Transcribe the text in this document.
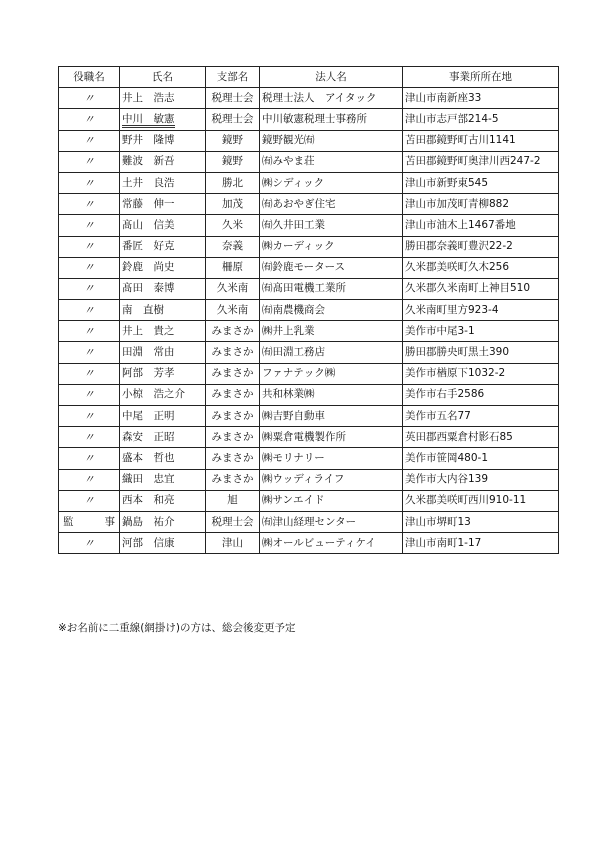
役職名	氏名	支部名	法人名	事業所所在地
〃	井上　浩志	税理士会	税理士法人　アイタック	津山市南新座33
〃	中川　敏憲	税理士会	中川敏憲税理士事務所	津山市志戸部214-5
〃	野井　隆博	鏡野	鏡野観光㈲	苫田郡鏡野町古川1141
〃	難波　新吾	鏡野	㈲みやま荘	苫田郡鏡野町奥津川西247-2
〃	土井　良浩	勝北	㈱シディック	津山市新野東545
〃	常藤　伸一	加茂	㈲あおやぎ住宅	津山市加茂町青柳882
〃	髙山　信美	久米	㈲久井田工業	津山市油木上1467番地
〃	番匠　好克	奈義	㈱カーディック	勝田郡奈義町豊沢22-2
〃	鈴鹿　尚史	柵原	㈲鈴鹿モータース	久米郡美咲町久木256
〃	髙田　泰博	久米南	㈲髙田電機工業所	久米郡久米南町上神目510
〃	南　直樹	久米南	㈲南農機商会	久米南町里方923-4
〃	井上　貴之	みまさか	㈱井上乳業	美作市中尾3-1
〃	田淵　常由	みまさか	㈲田淵工務店	勝田郡勝央町黒土390
〃	阿部　芳孝	みまさか	ファナテック㈱	美作市楢原下1032-2
〃	小椋　浩之介	みまさか	共和林業㈱	美作市右手2586
〃	中尾　正明	みまさか	㈱吉野自動車	美作市五名77
〃	森安　正昭	みまさか	㈱粟倉電機製作所	英田郡西粟倉村影石85
〃	盛本　哲也	みまさか	㈱モリナリー	美作市笹岡480-1
〃	織田　忠宜	みまさか	㈱ウッディライフ	美作市大内谷139
〃	西本　和亮	旭	㈱サンエイド	久米郡美咲町西川910-11
監　　事	鍋島　祐介	税理士会	㈲津山経理センター	津山市堺町13
〃	河部　信康	津山	㈱オールビューティケイ	津山市南町1-17
※お名前に二重線(網掛け)の方は、総会後変更予定
